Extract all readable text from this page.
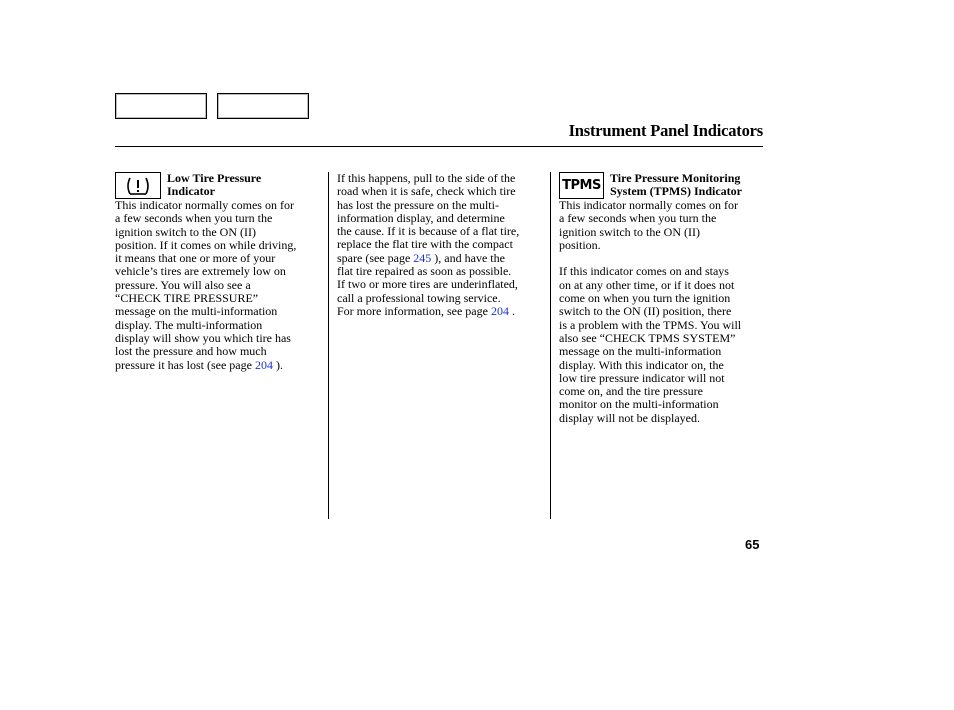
Instrument Panel Indicators
Low Tire Pressure
Indicator
This indicator normally comes on for
a few seconds when you turn the
ignition switch to the ON (II)
position. If it comes on while driving,
it means that one or more of your
vehicle’s tires are extremely low on
pressure. You will also see a
“CHECK TIRE PRESSURE”
message on the multi-information
display. The multi-information
display will show you which tire has
lost the pressure and how much
pressure it has lost (see page 204 ).
If this happens, pull to the side of the
road when it is safe, check which tire
has lost the pressure on the multi-
information display, and determine
the cause. If it is because of a flat tire,
replace the flat tire with the compact
spare (see page 245 ), and have the
flat tire repaired as soon as possible.
If two or more tires are underinflated,
call a professional towing service.
For more information, see page 204 .
TPMS Tire Pressure Monitoring
System (TPMS) Indicator
This indicator normally comes on for
a few seconds when you turn the
ignition switch to the ON (II)
position.
If this indicator comes on and stays
on at any other time, or if it does not
come on when you turn the ignition
switch to the ON (II) position, there
is a problem with the TPMS. You will
also see “CHECK TPMS SYSTEM”
message on the multi-information
display. With this indicator on, the
low tire pressure indicator will not
come on, and the tire pressure
monitor on the multi-information
display will not be displayed.
65
